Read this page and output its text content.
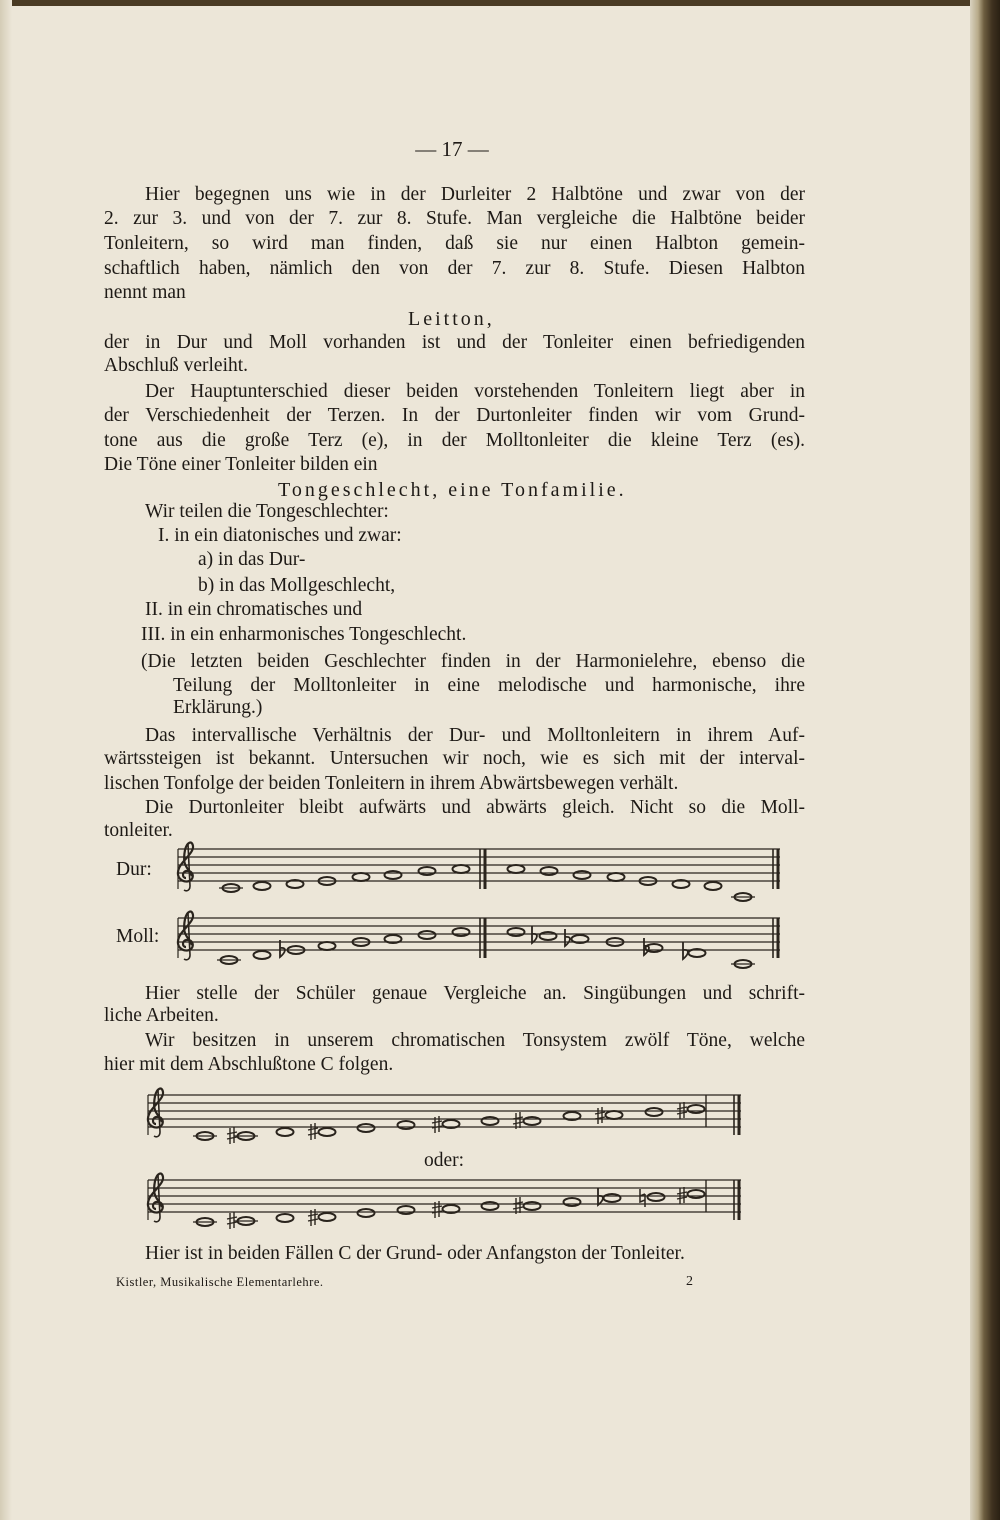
— 17 —
Hier begegnen uns wie in der Durleiter 2 Halbtöne und zwar von der
2. zur 3. und von der 7. zur 8. Stufe. Man vergleiche die Halbtöne beider
Tonleitern, so wird man finden, daß sie nur einen Halbton gemein-
schaftlich haben, nämlich den von der 7. zur 8. Stufe. Diesen Halbton
nennt man
Leitton,
der in Dur und Moll vorhanden ist und der Tonleiter einen befriedigenden
Abschluß verleiht.
Der Hauptunterschied dieser beiden vorstehenden Tonleitern liegt aber in
der Verschiedenheit der Terzen. In der Durtonleiter finden wir vom Grund-
tone aus die große Terz (e), in der Molltonleiter die kleine Terz (es).
Die Töne einer Tonleiter bilden ein
Tongeschlecht, eine Tonfamilie.
Wir teilen die Tongeschlechter:
I. in ein diatonisches und zwar:
a) in das Dur-
b) in das Mollgeschlecht,
II. in ein chromatisches und
III. in ein enharmonisches Tongeschlecht.
(Die letzten beiden Geschlechter finden in der Harmonielehre, ebenso die
Teilung der Molltonleiter in eine melodische und harmonische, ihre
Erklärung.)
Das intervallische Verhältnis der Dur- und Molltonleitern in ihrem Auf-
wärtssteigen ist bekannt. Untersuchen wir noch, wie es sich mit der interval-
lischen Tonfolge der beiden Tonleitern in ihrem Abwärtsbewegen verhält.
Die Durtonleiter bleibt aufwärts und abwärts gleich. Nicht so die Moll-
tonleiter.
Dur:
Moll:
Hier stelle der Schüler genaue Vergleiche an. Singübungen und schrift-
liche Arbeiten.
Wir besitzen in unserem chromatischen Tonsystem zwölf Töne, welche
hier mit dem Abschlußtone C folgen.
oder:
Hier ist in beiden Fällen C der Grund- oder Anfangston der Tonleiter.
Kistler, Musikalische Elementarlehre.	2
